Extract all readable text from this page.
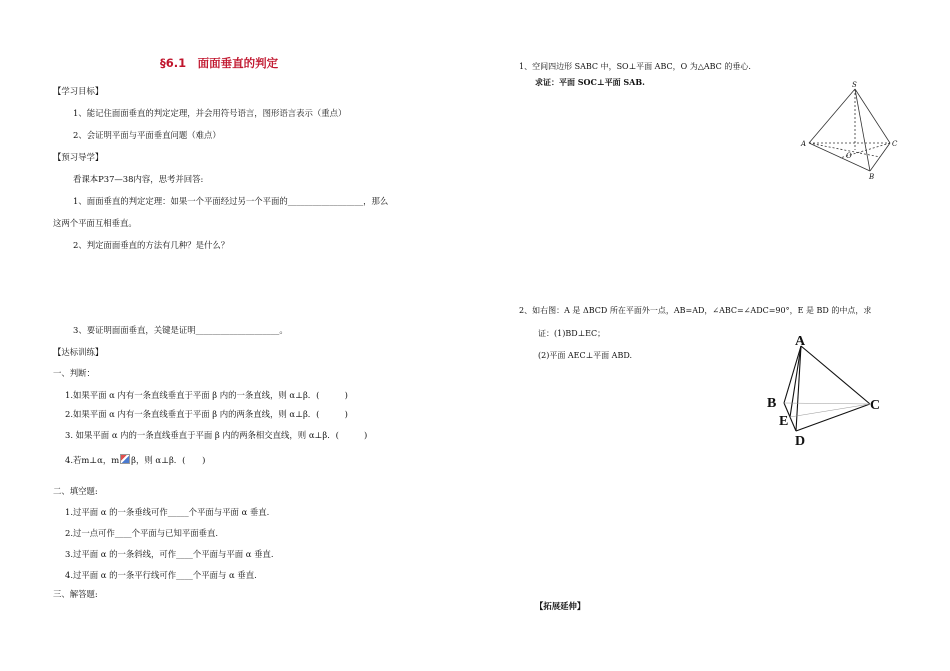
§6.1　面面垂直的判定
【学习目标】
1、能记住面面垂直的判定定理，并会用符号语言，图形语言表示（重点）
2、会证明平面与平面垂直问题（难点）
【预习导学】
看课本P37—38内容，思考并回答:
1、面面垂直的判定定理：如果一个平面经过另一个平面的__________________，那么
这两个平面互相垂直。
2、判定面面垂直的方法有几种？是什么？
3、要证明面面垂直，关键是证明____________________。
【达标训练】
一、判断：
1.如果平面 α 内有一条直线垂直于平面 β 内的一条直线，则 α⊥β．(　　　)
2.如果平面 α 内有一条直线垂直于平面 β 内的两条直线，则 α⊥β．(　　　)
3. 如果平面 α 内的一条直线垂直于平面 β 内的两条相交直线，则 α⊥β．(　　　)
4.若m⊥α，m β，则 α⊥β．(　　)
二、填空题:
1.过平面 α 的一条垂线可作_____个平面与平面 α 垂直.
2.过一点可作____个平面与已知平面垂直.
3.过平面 α 的一条斜线，可作____个平面与平面 α 垂直.
4.过平面 α 的一条平行线可作____个平面与 α 垂直.
三、解答题:
1、空间四边形 SABC 中，SO⊥平面 ABC，O 为△ABC 的垂心.
求证：平面 SOC⊥平面 SAB.	S
A
B
C
O
2、如右图：A 是 ΔBCD 所在平面外一点，AB=AD，∠ABC=∠ADC=90°，E 是 BD 的中点，求
证：(1)BD⊥EC；
(2)平面 AEC⊥平面 ABD.
A
B	C
D
E
【拓展延伸】
